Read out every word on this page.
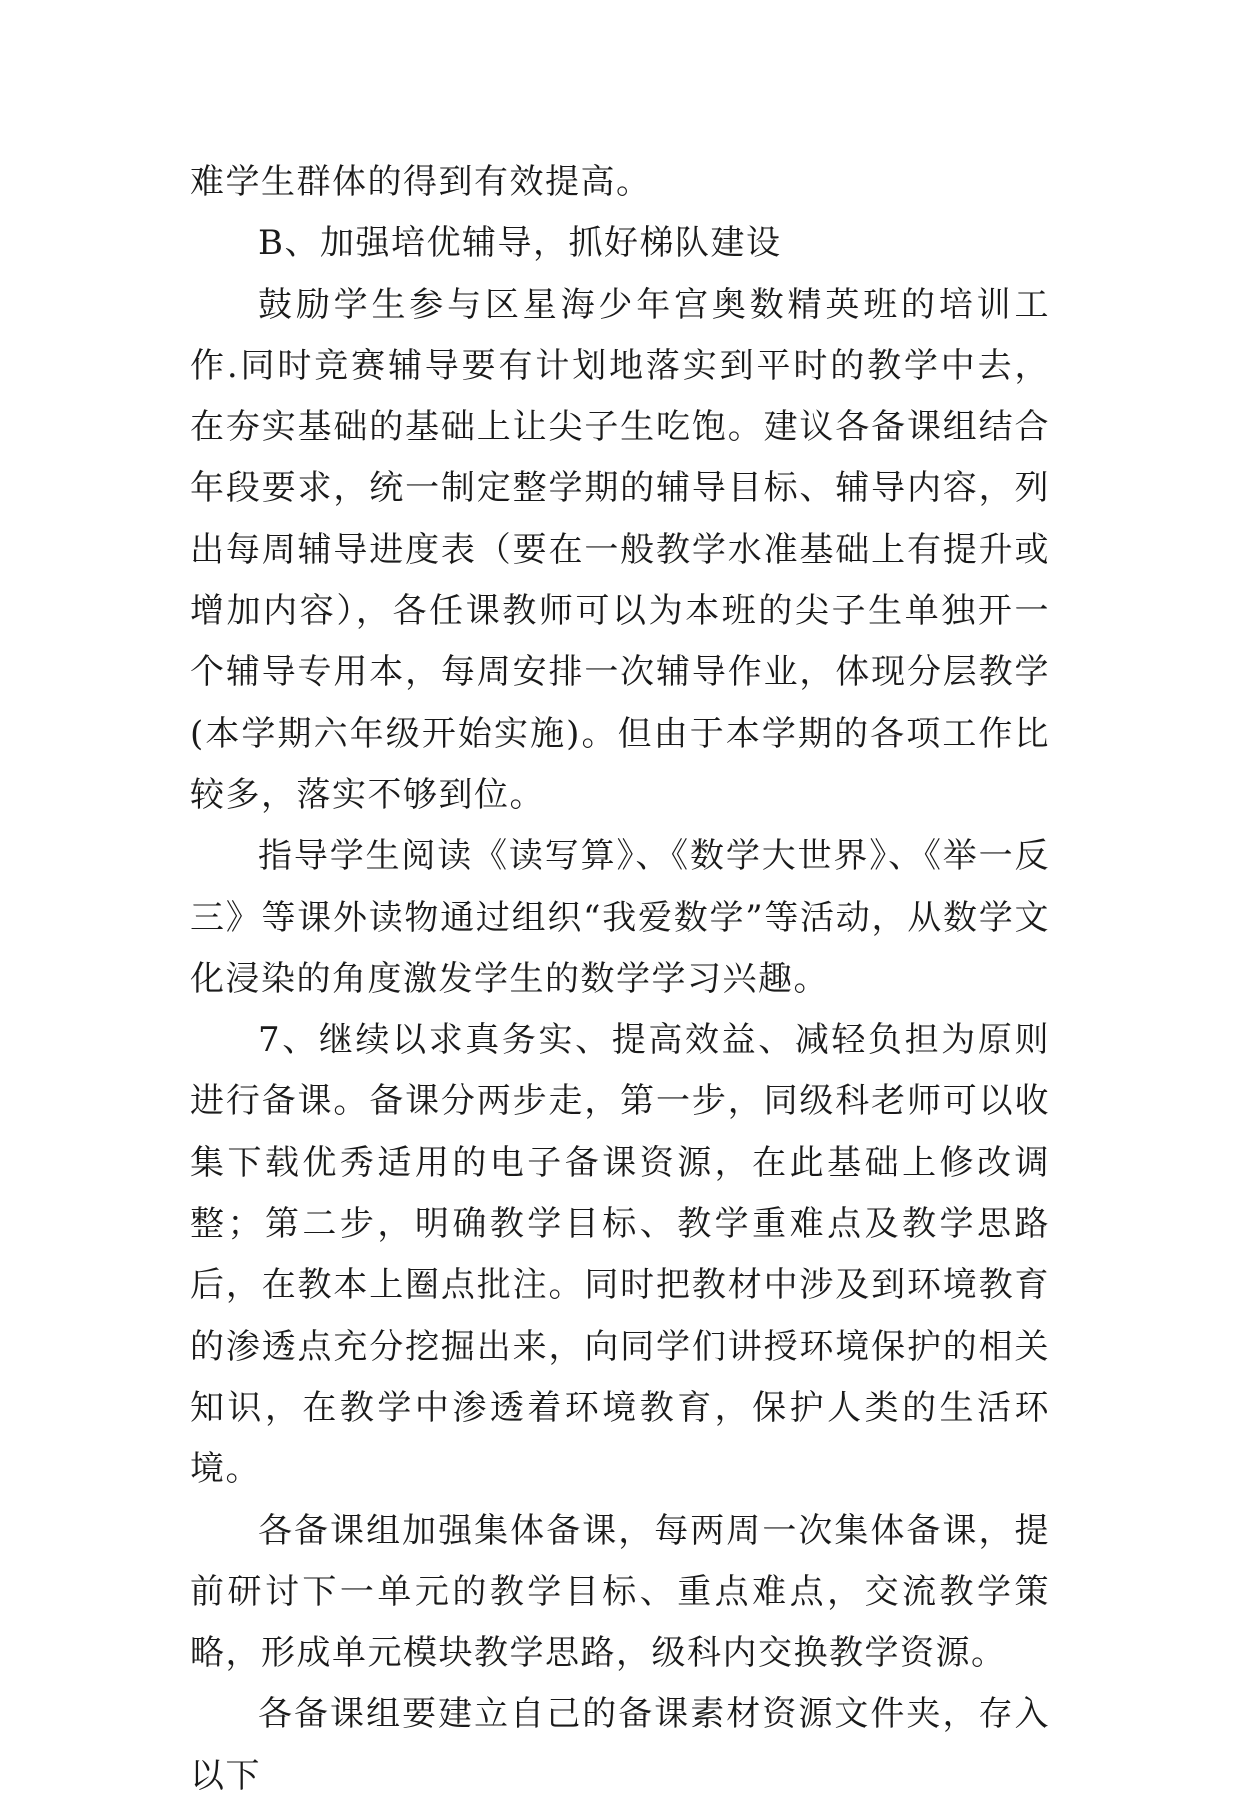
难学生群体的得到有效提高。

B、加强培优辅导，抓好梯队建设

鼓励学生参与区星海少年宫奥数精英班的培训工作.同时竞赛辅导要有计划地落实到平时的教学中去，在夯实基础的基础上让尖子生吃饱。建议各备课组结合年段要求，统一制定整学期的辅导目标、辅导内容，列出每周辅导进度表（要在一般教学水准基础上有提升或增加内容），各任课教师可以为本班的尖子生单独开一个辅导专用本，每周安排一次辅导作业，体现分层教学(本学期六年级开始实施)。但由于本学期的各项工作比较多，落实不够到位。

指导学生阅读《读写算》、《数学大世界》、《举一反三》等课外读物通过组织“我爱数学”等活动，从数学文化浸染的角度激发学生的数学学习兴趣。

7、继续以求真务实、提高效益、减轻负担为原则进行备课。备课分两步走，第一步，同级科老师可以收集下载优秀适用的电子备课资源，在此基础上修改调整；第二步，明确教学目标、教学重难点及教学思路后，在教本上圈点批注。同时把教材中涉及到环境教育的渗透点充分挖掘出来，向同学们讲授环境保护的相关知识，在教学中渗透着环境教育，保护人类的生活环境。

各备课组加强集体备课，每两周一次集体备课，提前研讨下一单元的教学目标、重点难点，交流教学策略，形成单元模块教学思路，级科内交换教学资源。

各备课组要建立自己的备课素材资源文件夹，存入以下
